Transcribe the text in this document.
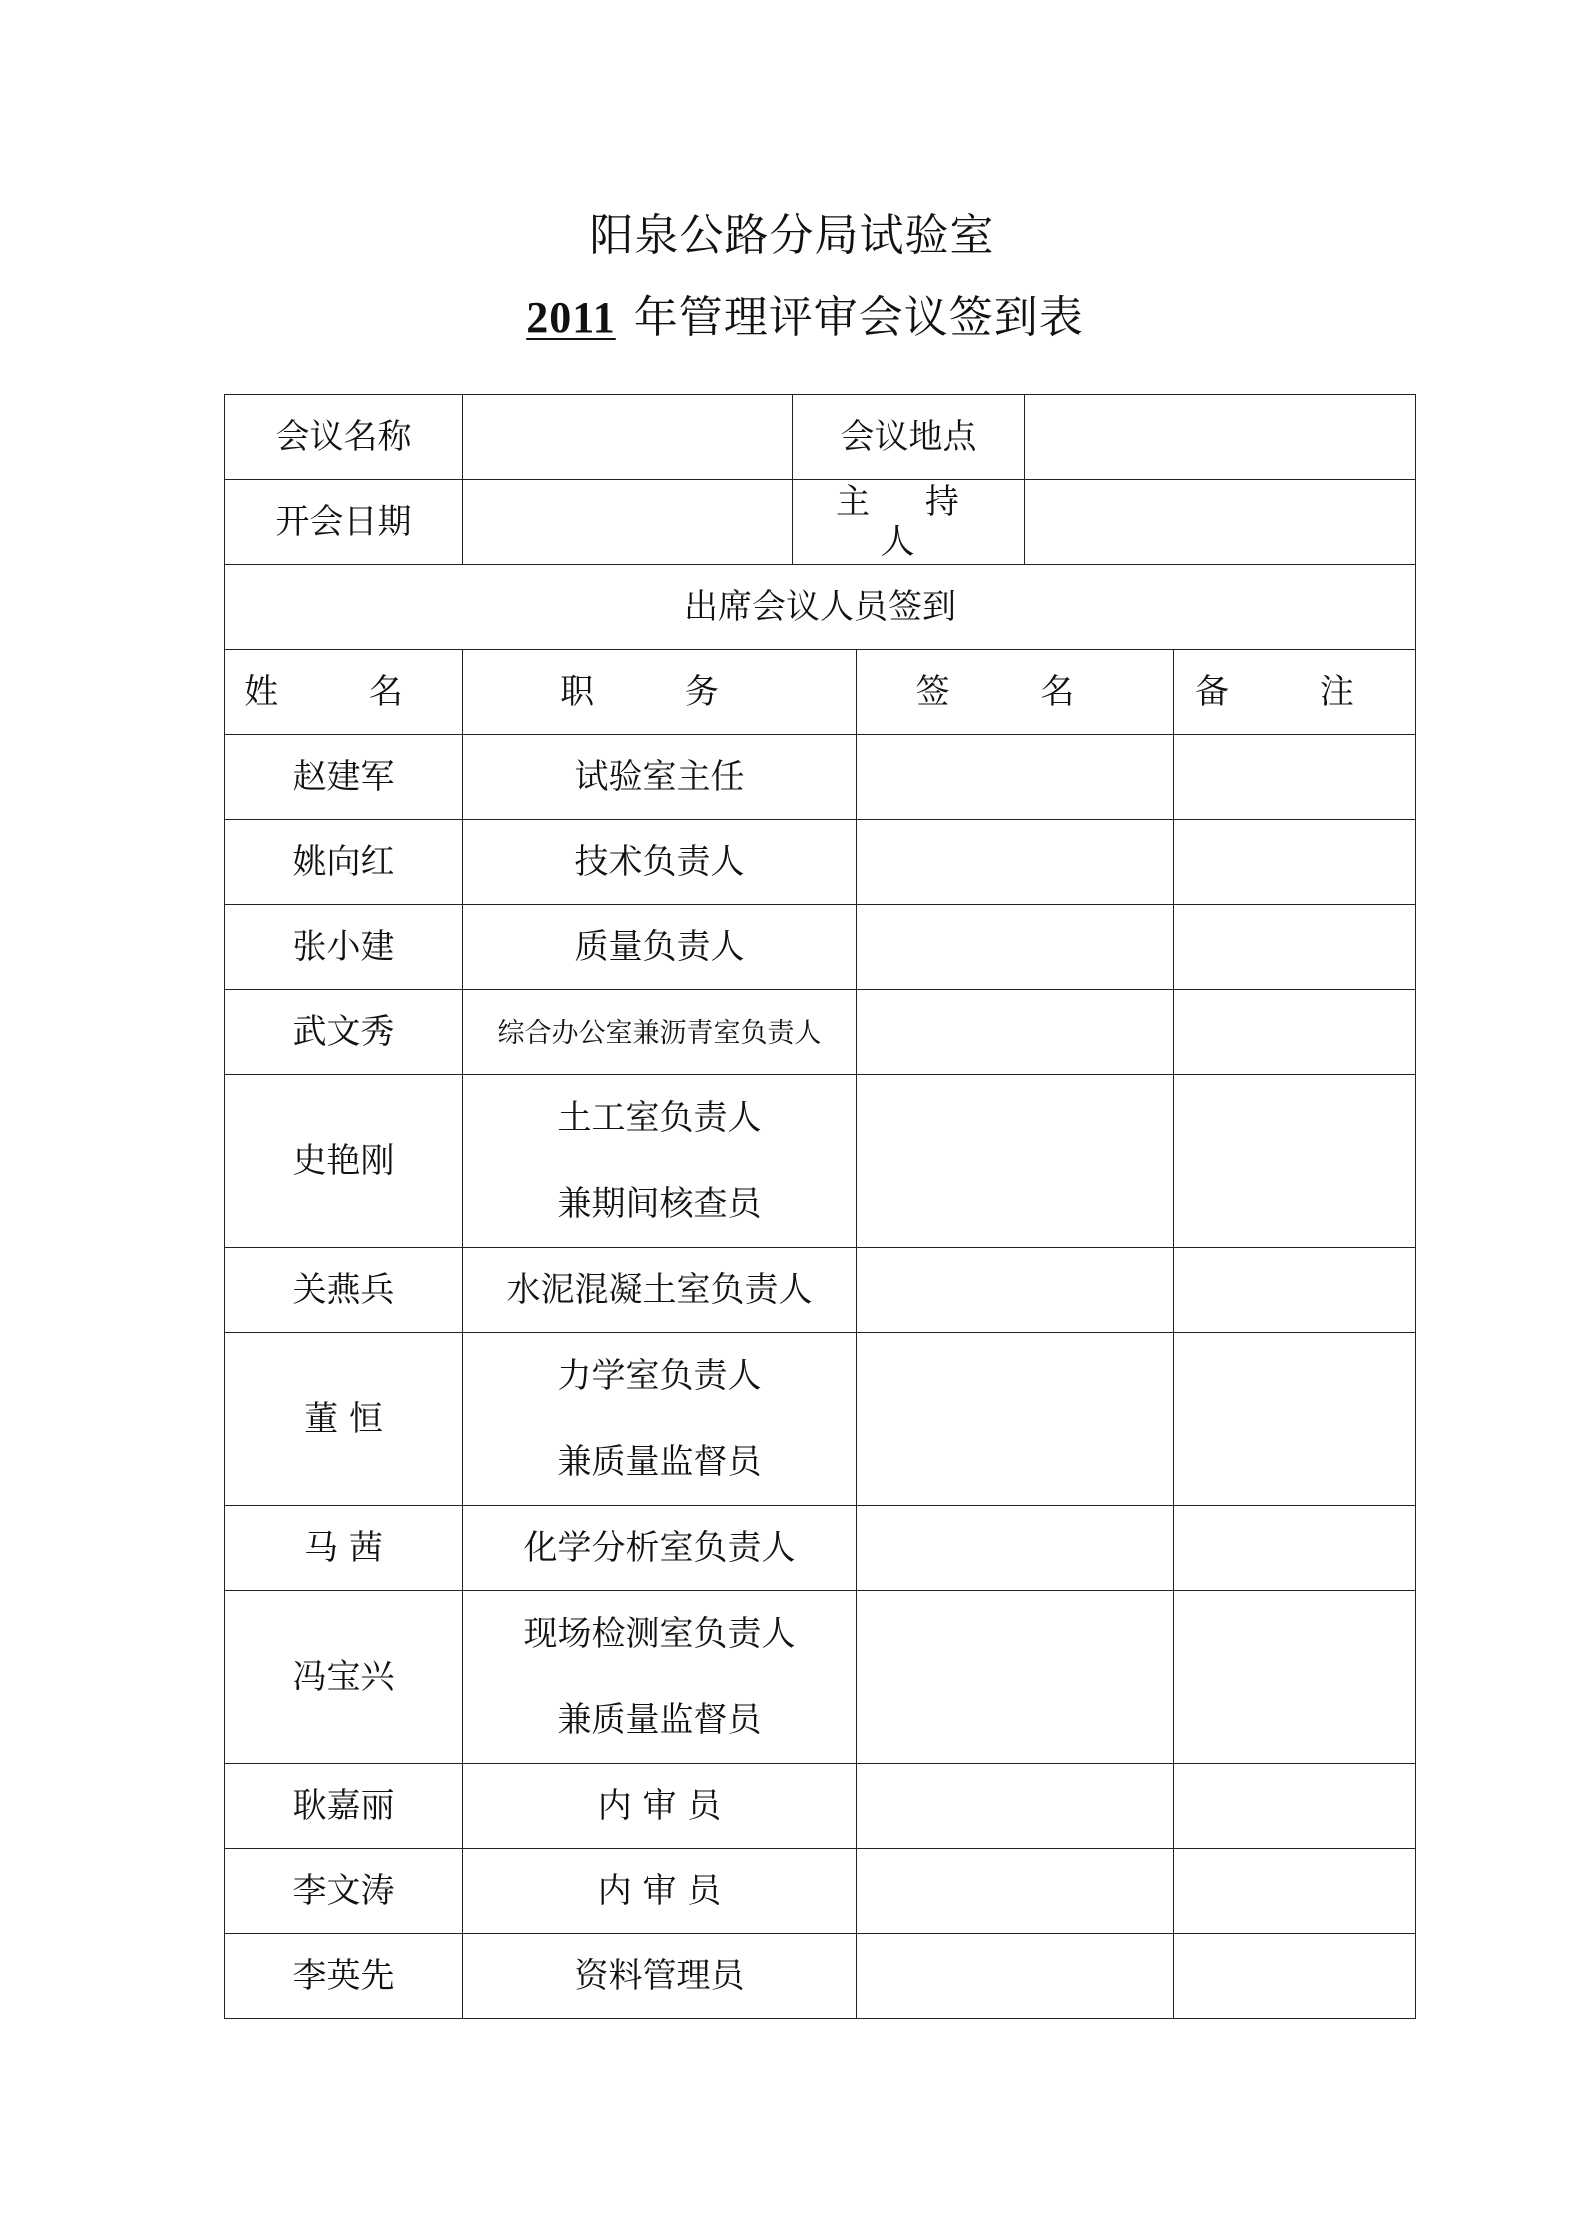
阳泉公路分局试验室
2011 年管理评审会议签到表
会议名称		会议地点			
开会日期		主 持 人			
出席会议人员签到					
姓 名	职 务		签 名		备 注
赵建军	试验室主任				
姚向红	技术负责人				
张小建	质量负责人				
武文秀	综合办公室兼沥青室负责人				
史艳刚	土工室负责人
兼期间核查员				

关燕兵	水泥混凝土室负责人				
董 恒	力学室负责人
兼质量监督员				

马 茜	化学分析室负责人				
冯宝兴	现场检测室负责人
兼质量监督员				

耿嘉丽	内 审 员				
李文涛	内 审 员				
李英先	资料管理员				
